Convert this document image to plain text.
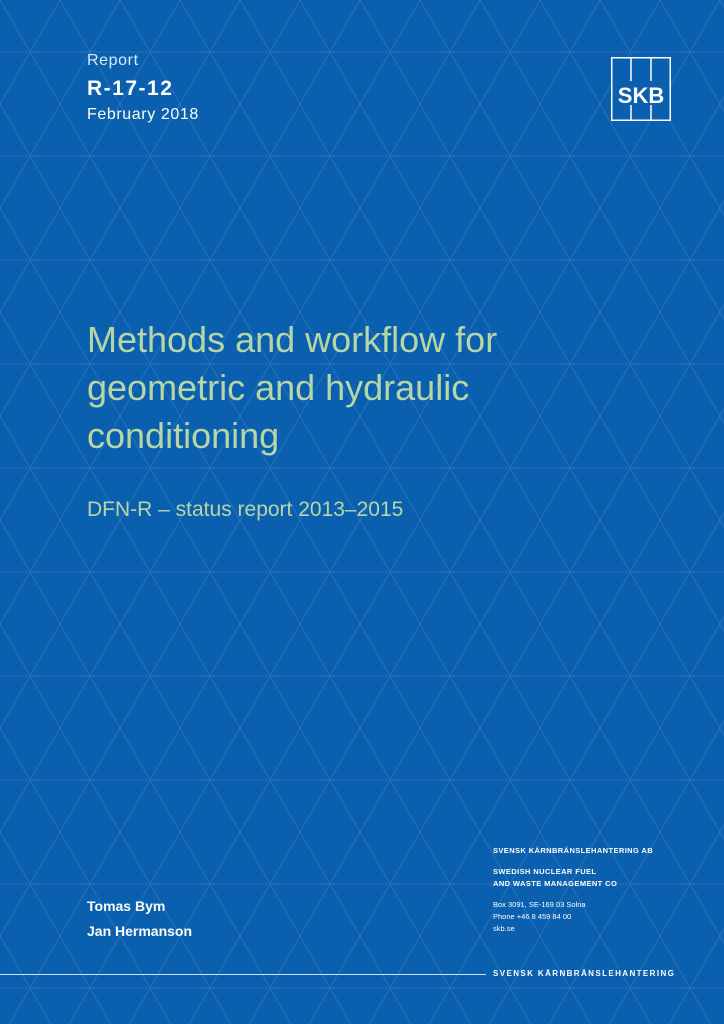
Report

R-17-12

February 2018

SKB
Methods and workflow for
geometric and hydraulic
conditioning

DFN-R – status report 2013–2015

Tomas Bym

Jan Hermanson

SVENSK KÄRNBRÄNSLEHANTERING AB
SWEDISH NUCLEAR FUEL
AND WASTE MANAGEMENT CO
Box 3091, SE-169 03 Solna
Phone +46 8 459 84 00
skb.se

SVENSK KÄRNBRÄNSLEHANTERING
